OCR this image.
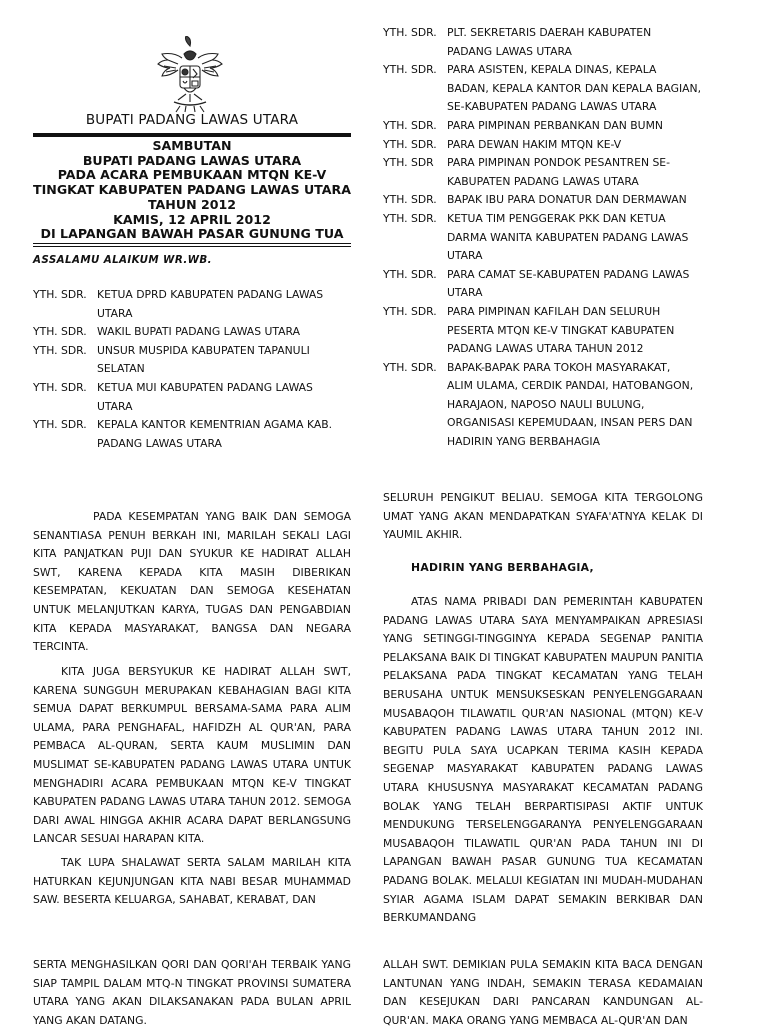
BUPATI PADANG LAWAS UTARA
SAMBUTAN
BUPATI PADANG LAWAS UTARA
PADA ACARA PEMBUKAAN MTQN KE-V
TINGKAT KABUPATEN PADANG LAWAS UTARA
TAHUN 2012
KAMIS, 12 APRIL 2012
DI LAPANGAN BAWAH PASAR GUNUNG TUA
ASSALAMU ALAIKUM WR.WB.
YTH. SDR. KETUA DPRD KABUPATEN PADANG LAWAS
UTARA
YTH. SDR. WAKIL BUPATI PADANG LAWAS UTARA
YTH. SDR. UNSUR MUSPIDA KABUPATEN TAPANULI
SELATAN
YTH. SDR. KETUA MUI KABUPATEN PADANG LAWAS
UTARA
YTH. SDR. KEPALA KANTOR KEMENTRIAN AGAMA KAB.
PADANG LAWAS UTARA
YTH. SDR. PLT. SEKRETARIS DAERAH KABUPATEN
PADANG LAWAS UTARA
YTH. SDR. PARA ASISTEN, KEPALA DINAS, KEPALA
BADAN, KEPALA KANTOR DAN KEPALA BAGIAN,
SE-KABUPATEN PADANG LAWAS UTARA
YTH. SDR. PARA PIMPINAN PERBANKAN DAN BUMN
YTH. SDR. PARA DEWAN HAKIM MTQN KE-V
YTH. SDR	PARA PIMPINAN PONDOK PESANTREN SE-
KABUPATEN PADANG LAWAS UTARA
YTH. SDR. BAPAK IBU PARA DONATUR DAN DERMAWAN
YTH. SDR. KETUA TIM PENGGERAK PKK DAN KETUA
DARMA WANITA KABUPATEN PADANG LAWAS
UTARA
YTH. SDR. PARA CAMAT SE-KABUPATEN PADANG LAWAS
UTARA
YTH. SDR. PARA PIMPINAN KAFILAH DAN SELURUH
PESERTA MTQN KE-V TINGKAT KABUPATEN
PADANG LAWAS UTARA TAHUN 2012
YTH. SDR. BAPAK-BAPAK PARA TOKOH MASYARAKAT,
ALIM ULAMA, CERDIK PANDAI, HATOBANGON,
HARAJAON, NAPOSO NAULI BULUNG,
ORGANISASI KEPEMUDAAN, INSAN PERS DAN
HADIRIN YANG BERBAHAGIA

PADA KESEMPATAN YANG BAIK DAN SEMOGA SENANTIASA PENUH BERKAH INI, MARILAH SEKALI LAGI KITA PANJATKAN PUJI DAN SYUKUR KE HADIRAT ALLAH SWT, KARENA KEPADA KITA MASIH DIBERIKAN KESEMPATAN, KEKUATAN DAN SEMOGA KESEHATAN UNTUK MELANJUTKAN KARYA, TUGAS DAN PENGABDIAN KITA KEPADA MASYARAKAT, BANGSA DAN NEGARA TERCINTA.

KITA JUGA BERSYUKUR KE HADIRAT ALLAH SWT, KARENA SUNGGUH MERUPAKAN KEBAHAGIAN BAGI KITA SEMUA DAPAT BERKUMPUL BERSAMA-SAMA PARA ALIM ULAMA, PARA PENGHAFAL, HAFIDZH AL QUR'AN, PARA PEMBACA AL-QURAN, SERTA KAUM MUSLIMIN DAN MUSLIMAT SE-KABUPATEN PADANG LAWAS UTARA UNTUK MENGHADIRI ACARA PEMBUKAAN MTQN KE-V TINGKAT KABUPATEN PADANG LAWAS UTARA TAHUN 2012. SEMOGA DARI AWAL HINGGA AKHIR ACARA DAPAT BERLANGSUNG LANCAR SESUAI HARAPAN KITA.

TAK LUPA SHALAWAT SERTA SALAM MARILAH KITA HATURKAN KEJUNJUNGAN KITA NABI BESAR MUHAMMAD SAW. BESERTA KELUARGA, SAHABAT, KERABAT, DAN

SERTA MENGHASILKAN QORI DAN QORI'AH TERBAIK YANG SIAP TAMPIL DALAM MTQ-N TINGKAT PROVINSI SUMATERA UTARA YANG AKAN DILAKSANAKAN PADA BULAN APRIL YANG AKAN DATANG.

SELURUH PENGIKUT BELIAU. SEMOGA KITA TERGOLONG UMAT YANG AKAN MENDAPATKAN SYAFA'ATNYA KELAK DI YAUMIL AKHIR.

HADIRIN YANG BERBAHAGIA,

ATAS NAMA PRIBADI DAN PEMERINTAH KABUPATEN PADANG LAWAS UTARA SAYA MENYAMPAIKAN APRESIASI YANG SETINGGI-TINGGINYA KEPADA SEGENAP PANITIA PELAKSANA BAIK DI TINGKAT KABUPATEN MAUPUN PANITIA PELAKSANA PADA TINGKAT KECAMATAN YANG TELAH BERUSAHA UNTUK MENSUKSESKAN PENYELENGGARAAN MUSABAQOH TILAWATIL QUR'AN NASIONAL (MTQN) KE-V KABUPATEN PADANG LAWAS UTARA TAHUN 2012 INI. BEGITU PULA SAYA UCAPKAN TERIMA KASIH KEPADA SEGENAP MASYARAKAT KABUPATEN PADANG LAWAS UTARA KHUSUSNYA MASYARAKAT KECAMATAN PADANG BOLAK YANG TELAH BERPARTISIPASI AKTIF UNTUK MENDUKUNG TERSELENGGARANYA PENYELENGGARAAN MUSABAQOH TILAWATIL QUR'AN PADA TAHUN INI DI LAPANGAN BAWAH PASAR GUNUNG TUA KECAMATAN PADANG BOLAK. MELALUI KEGIATAN INI MUDAH-MUDAHAN SYIAR AGAMA ISLAM DAPAT SEMAKIN BERKIBAR DAN BERKUMANDANG

ALLAH SWT. DEMIKIAN PULA SEMAKIN KITA BACA DENGAN LANTUNAN YANG INDAH, SEMAKIN TERASA KEDAMAIAN DAN KESEJUKAN DARI PANCARAN KANDUNGAN AL-QUR'AN. MAKA ORANG YANG MEMBACA AL-QUR'AN DAN
